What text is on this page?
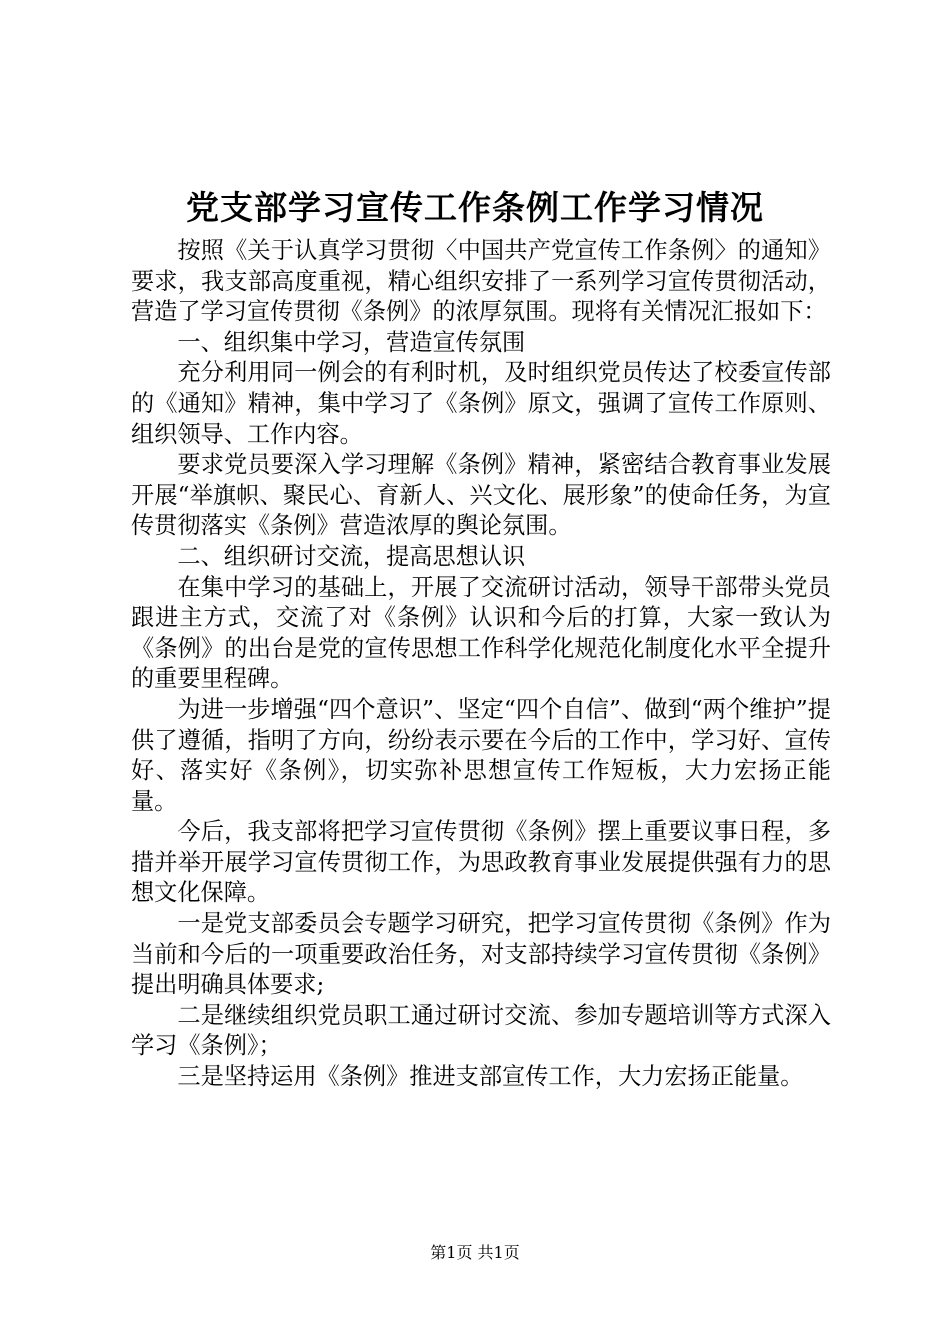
党支部学习宣传工作条例工作学习情况

按照《关于认真学习贯彻〈中国共产党宣传工作条例〉的通知》要求，我支部高度重视，精心组织安排了一系列学习宣传贯彻活动，营造了学习宣传贯彻《条例》的浓厚氛围。现将有关情况汇报如下：

一、组织集中学习，营造宣传氛围

充分利用同一例会的有利时机，及时组织党员传达了校委宣传部的《通知》精神，集中学习了《条例》原文，强调了宣传工作原则、组织领导、工作内容。

要求党员要深入学习理解《条例》精神，紧密结合教育事业发展开展“举旗帜、聚民心、育新人、兴文化、展形象”的使命任务，为宣传贯彻落实《条例》营造浓厚的舆论氛围。

二、组织研讨交流，提高思想认识

在集中学习的基础上，开展了交流研讨活动，领导干部带头党员跟进主方式，交流了对《条例》认识和今后的打算，大家一致认为《条例》的出台是党的宣传思想工作科学化规范化制度化水平全提升的重要里程碑。

为进一步增强“四个意识”、坚定“四个自信”、做到“两个维护”提供了遵循，指明了方向，纷纷表示要在今后的工作中，学习好、宣传好、落实好《条例》，切实弥补思想宣传工作短板，大力宏扬正能量。

今后，我支部将把学习宣传贯彻《条例》摆上重要议事日程，多措并举开展学习宣传贯彻工作，为思政教育事业发展提供强有力的思想文化保障。

一是党支部委员会专题学习研究，把学习宣传贯彻《条例》作为当前和今后的一项重要政治任务，对支部持续学习宣传贯彻《条例》提出明确具体要求;

二是继续组织党员职工通过研讨交流、参加专题培训等方式深入学习《条例》；

三是坚持运用《条例》推进支部宣传工作，大力宏扬正能量。

第1页 共1页
